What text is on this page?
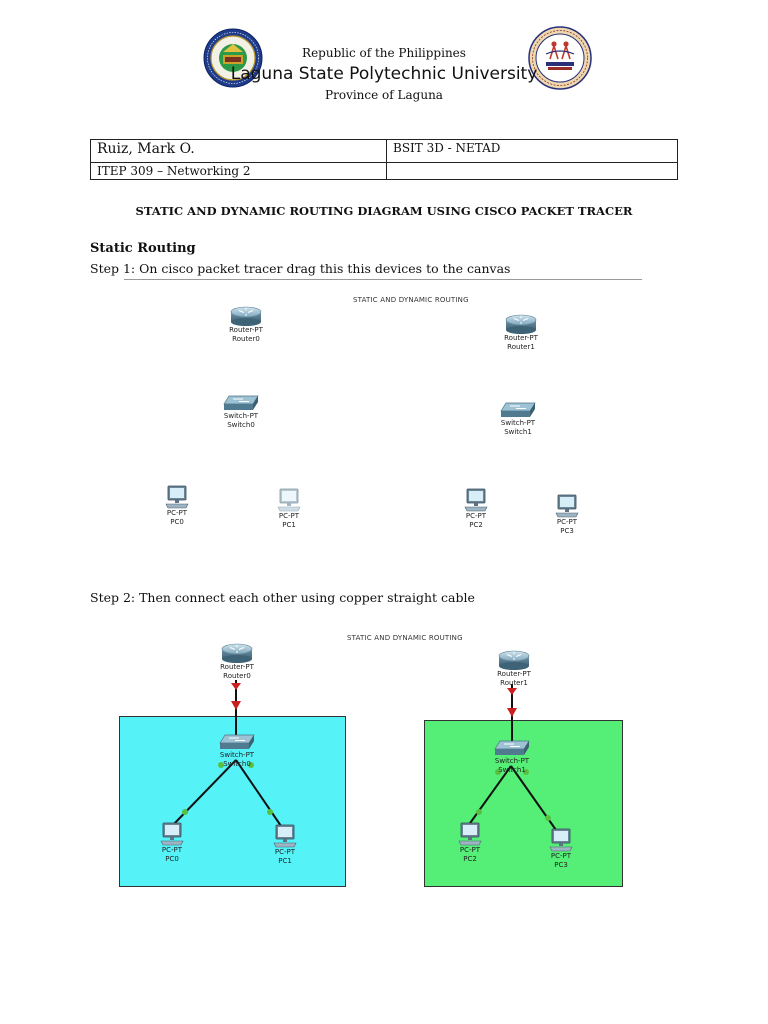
Republic of the Philippines
Laguna State Polytechnic University
Province of Laguna
Ruiz, Mark O.	BSIT 3D - NETAD
ITEP 309 – Networking 2	
STATIC AND DYNAMIC ROUTING DIAGRAM USING CISCO PACKET TRACER
Static Routing
Step 1: On cisco packet tracer drag this this devices to the canvas
STATIC AND DYNAMIC ROUTING
Router-PT
Router0	Router-PT
Router1
Switch-PT
Switch0	Switch-PT
Switch1
PC-PT
PC0
PC-PT
PC1
PC-PT
PC2	PC-PT
PC3
Step 2: Then connect each other using copper straight cable
STATIC AND DYNAMIC ROUTING
Router-PT
Router0	Router-PT
Router1
Switch-PT
Switch0	Switch-PT
Switch1
PC-PT
PC0
PC-PT
PC1
PC-PT
PC2	PC-PT
PC3
